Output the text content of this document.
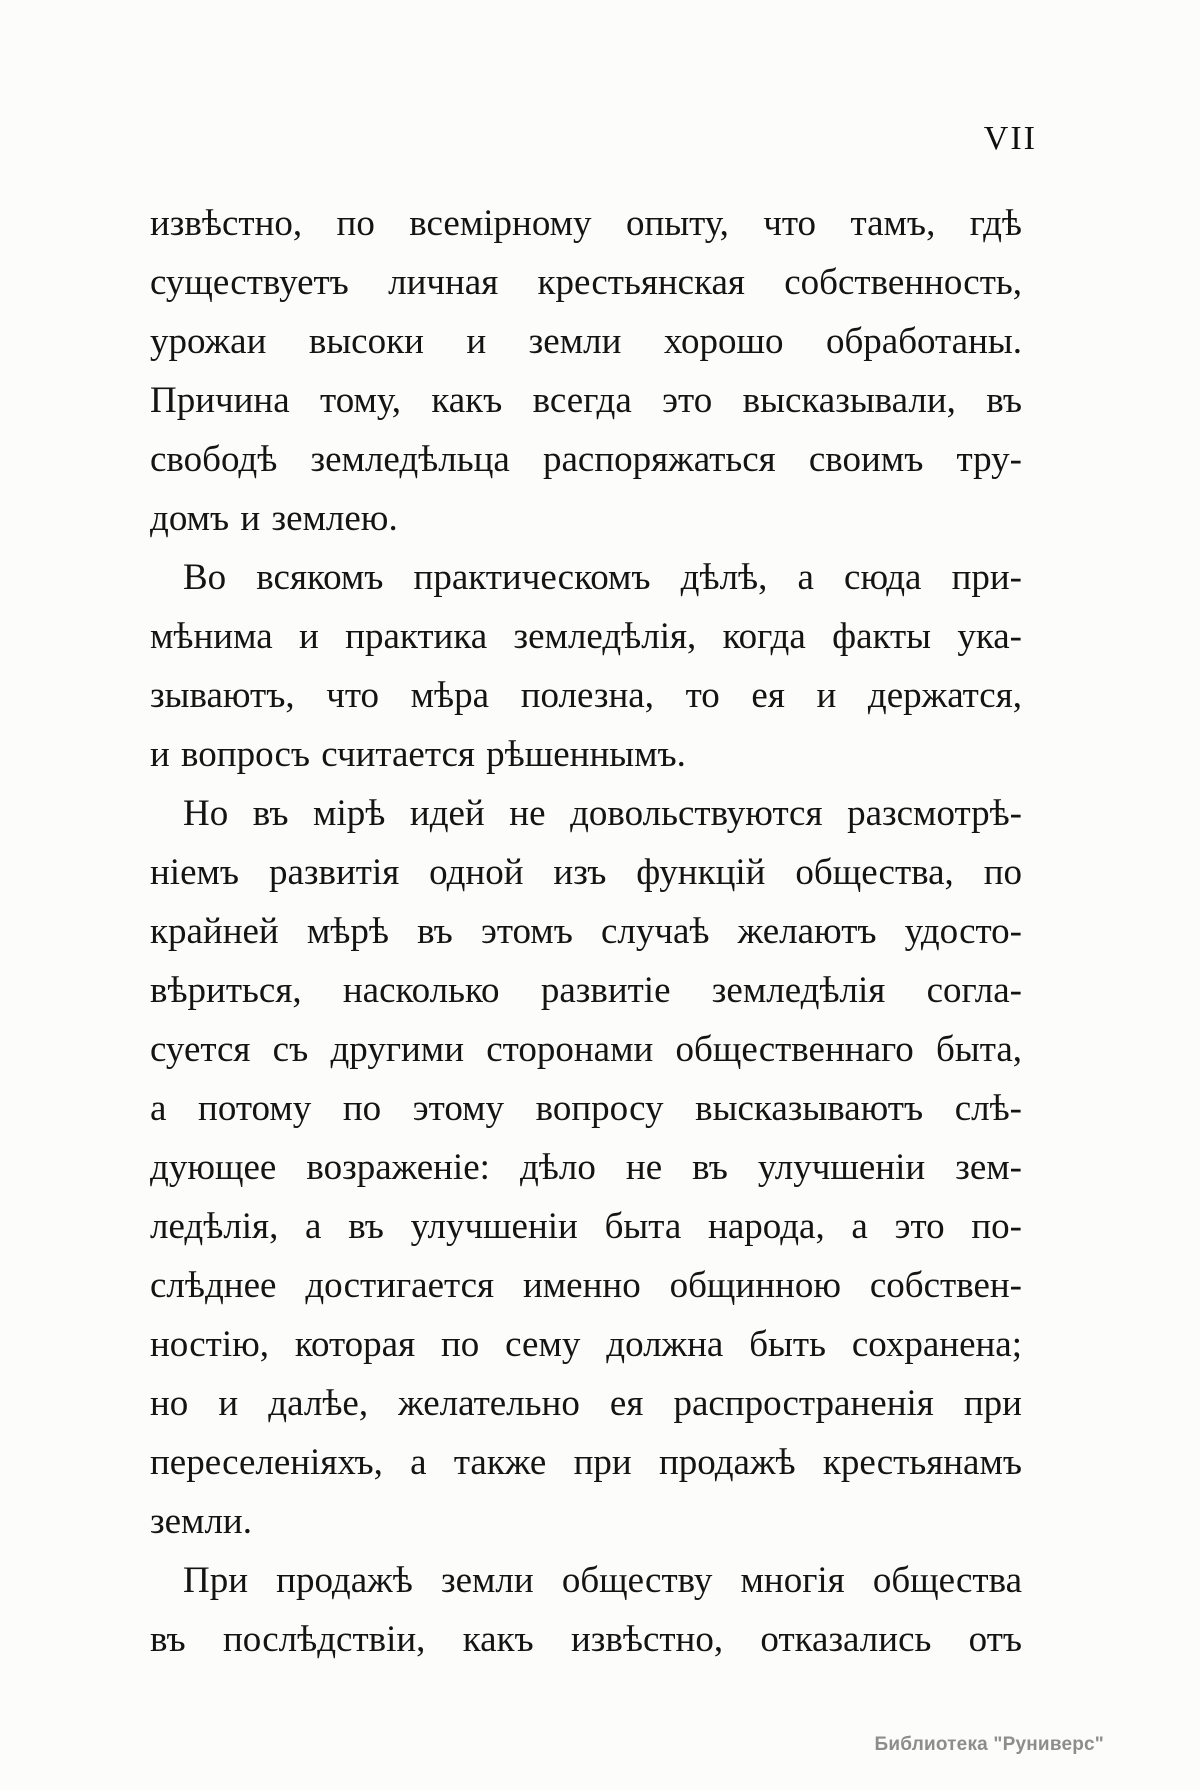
VII
извѣстно, по всемірному опыту, что тамъ, гдѣ
существуетъ личная крестьянская собственность,
урожаи высоки и земли хорошо обработаны.
Причина тому, какъ всегда это высказывали, въ
свободѣ земледѣльца распоряжаться своимъ тру-
домъ и землею.
Во всякомъ практическомъ дѣлѣ, а сюда при-
мѣнима и практика земледѣлія, когда факты ука-
зываютъ, что мѣра полезна, то ея и держатся,
и вопросъ считается рѣшеннымъ.
Но въ мірѣ идей не довольствуются разсмотрѣ-
ніемъ развитія одной изъ функцій общества, по
крайней мѣрѣ въ этомъ случаѣ желаютъ удосто-
вѣриться, насколько развитіе земледѣлія согла-
суется съ другими сторонами общественнаго быта,
а потому по этому вопросу высказываютъ слѣ-
дующее возраженіе: дѣло не въ улучшеніи зем-
ледѣлія, а въ улучшеніи быта народа, а это по-
слѣднее достигается именно общинною собствен-
ностію, которая по сему должна быть сохранена;
но и далѣе, желательно ея распространенія при
переселеніяхъ, а также при продажѣ крестьянамъ
земли.
При продажѣ земли обществу многія общества
въ послѣдствіи, какъ извѣстно, отказались отъ
Библиотека "Руниверс"
